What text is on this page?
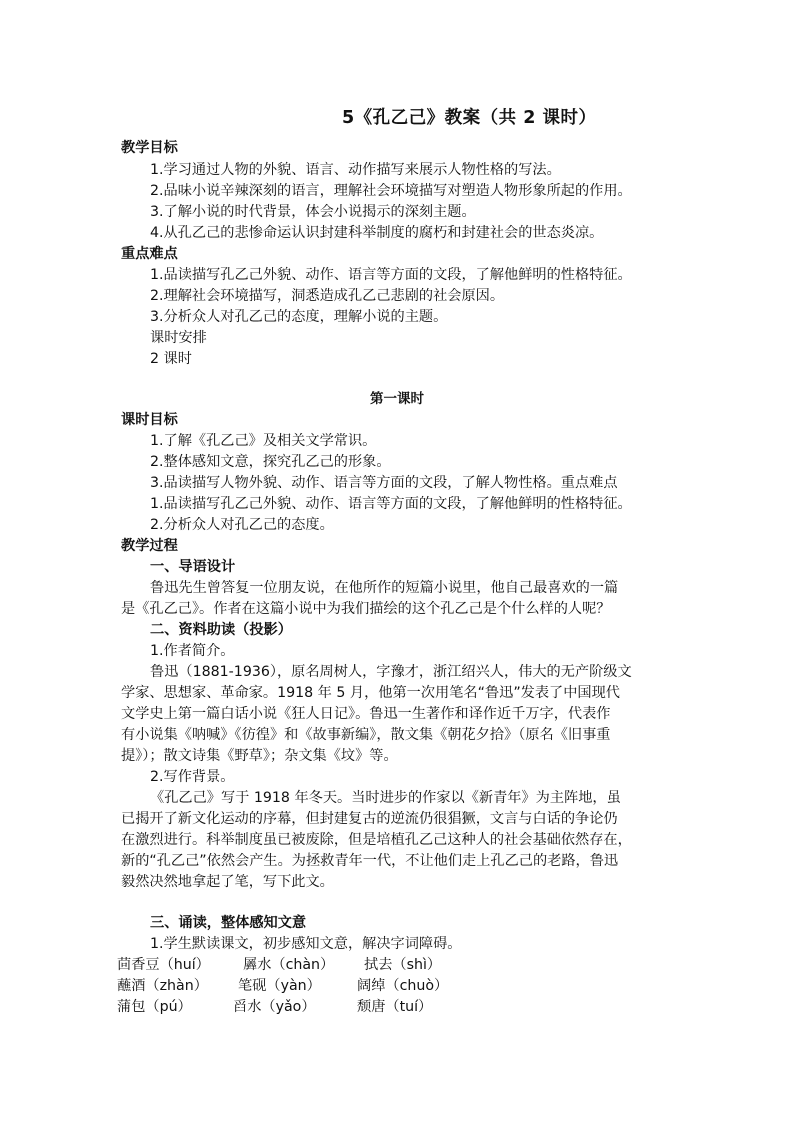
5《孔乙己》教案（共 2 课时）
教学目标
1.学习通过人物的外貌、语言、动作描写来展示人物性格的写法。
2.品味小说辛辣深刻的语言，理解社会环境描写对塑造人物形象所起的作用。
3.了解小说的时代背景，体会小说揭示的深刻主题。
4.从孔乙己的悲惨命运认识封建科举制度的腐朽和封建社会的世态炎凉。
重点难点
1.品读描写孔乙己外貌、动作、语言等方面的文段，了解他鲜明的性格特征。
2.理解社会环境描写，洞悉造成孔乙己悲剧的社会原因。
3.分析众人对孔乙己的态度，理解小说的主题。
课时安排
2 课时
第一课时
课时目标
1.了解《孔乙己》及相关文学常识。
2.整体感知文意，探究孔乙己的形象。
3.品读描写人物外貌、动作、语言等方面的文段，了解人物性格。重点难点
1.品读描写孔乙己外貌、动作、语言等方面的文段，了解他鲜明的性格特征。
2.分析众人对孔乙己的态度。
教学过程
一、导语设计
鲁迅先生曾答复一位朋友说，在他所作的短篇小说里，他自己最喜欢的一篇
是《孔乙己》。作者在这篇小说中为我们描绘的这个孔乙己是个什么样的人呢？
二、资料助读（投影）
1.作者简介。
鲁迅（1881-1936），原名周树人，字豫才，浙江绍兴人，伟大的无产阶级文
学家、思想家、革命家。1918 年 5 月，他第一次用笔名“鲁迅”发表了中国现代
文学史上第一篇白话小说《狂人日记》。鲁迅一生著作和译作近千万字，代表作
有小说集《呐喊》《彷徨》和《故事新编》，散文集《朝花夕拾》（原名《旧事重
提》）；散文诗集《野草》；杂文集《坟》等。
2.写作背景。
《孔乙己》写于 1918 年冬天。当时进步的作家以《新青年》为主阵地，虽
已揭开了新文化运动的序幕，但封建复古的逆流仍很猖獗，文言与白话的争论仍
在激烈进行。科举制度虽已被废除，但是培植孔乙己这种人的社会基础依然存在，
新的“孔乙己”依然会产生。为拯救青年一代，不让他们走上孔乙己的老路，鲁迅
毅然决然地拿起了笔，写下此文。
三、诵读，整体感知文意
1.学生默读课文，初步感知文意，解决字词障碍。
茴香豆（huí） 羼水（chàn） 拭去（shì）
蘸酒（zhàn） 笔砚（yàn）	阔绰（chuò）
蒲包（pú）	舀水（yǎo）	颓唐（tuí）
